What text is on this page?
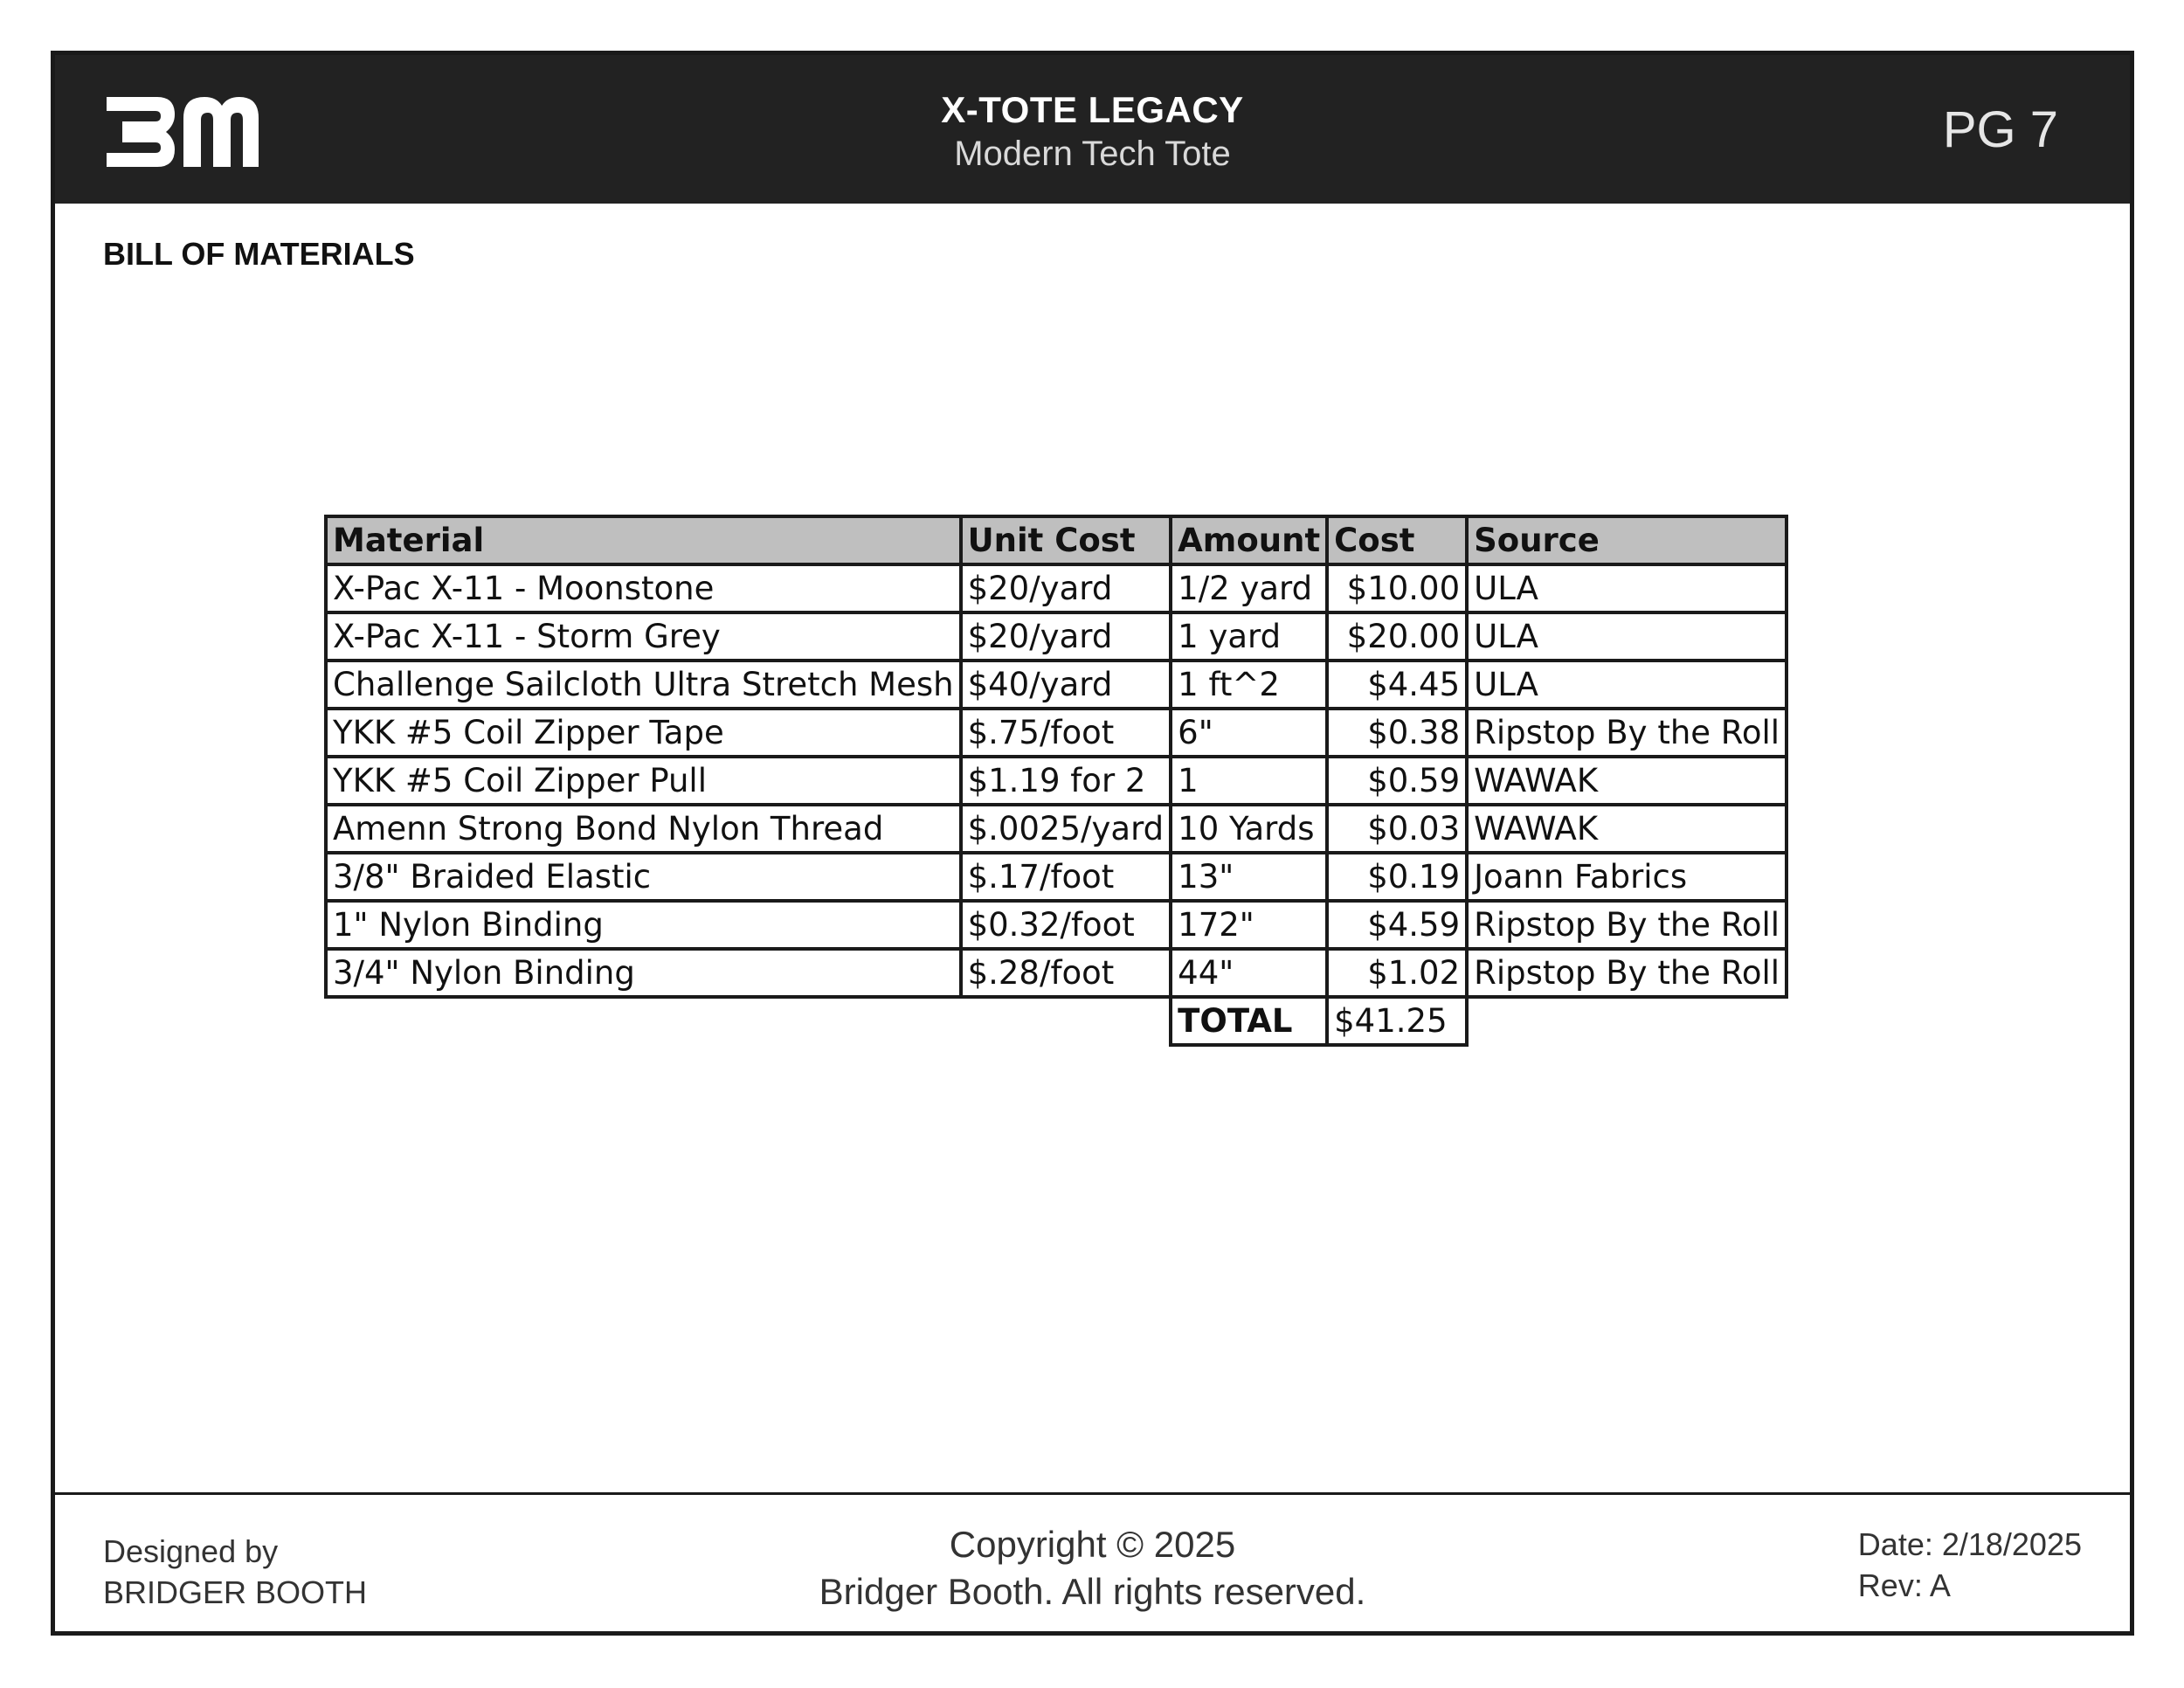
X-TOTE LEGACY
Modern Tech Tote	PG 7
BILL OF MATERIALS
Designed by
BRIDGER BOOTH
Copyright © 2025
Bridger Booth. All rights reserved.
Date: 2/18/2025
Rev: A
Material	Unit Cost	Amount	Cost	Source
X-Pac X-11 - Moonstone	$20/yard	1/2 yard	$10.00	ULA
X-Pac X-11 - Storm Grey	$20/yard	1 yard	$20.00	ULA
Challenge Sailcloth Ultra Stretch Mesh	$40/yard	1 ft^2	$4.45	ULA
YKK #5 Coil Zipper Tape	$.75/foot	6"	$0.38	Ripstop By the Roll
YKK #5 Coil Zipper Pull	$1.19 for 2	1	$0.59	WAWAK
Amenn Strong Bond Nylon Thread	$.0025/yard	10 Yards	$0.03	WAWAK
3/8" Braided Elastic	$.17/foot	13"	$0.19	Joann Fabrics
1" Nylon Binding	$0.32/foot	172"	$4.59	Ripstop By the Roll
3/4" Nylon Binding	$.28/foot	44"	$1.02	Ripstop By the Roll
		TOTAL	$41.25	
